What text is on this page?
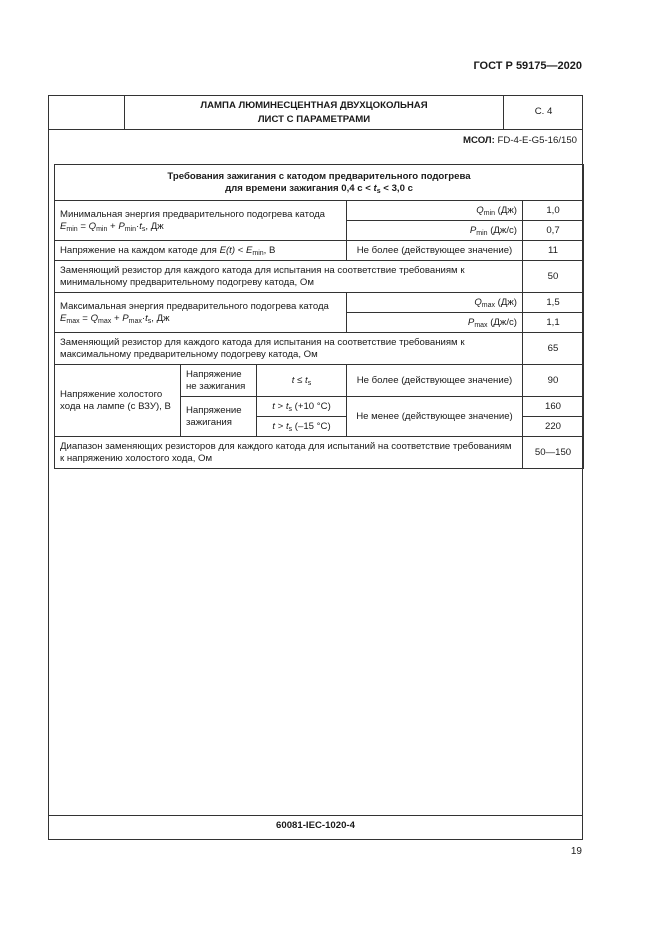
ГОСТ Р 59175—2020
ЛАМПА ЛЮМИНЕСЦЕНТНАЯ ДВУХЦОКОЛЬНАЯ
ЛИСТ С ПАРАМЕТРАМИ
С. 4
МСОЛ: FD-4-E-G5-16/150
Требования зажигания с катодом предварительного подогрева
для времени зажигания 0,4 $с < t_s < 3,0$ с				

Минимальная энергия предварительного подогрева катода
$E_{min} = Q_{min} + P_{min}\cdot t_s$, Дж			$Q_{min}$ (Дж)	1,0
			$P_{min}$ (Дж/с)	0,7
Напряжение на каждом катоде для $E(t) < E_{min}$, В			Не более (действующее значение)	11
Заменяющий резистор для каждого катода для испытания на соответствие требованиям к минимальному предварительному подогреву катода, Ом				50

Максимальная энергия предварительного подогрева катода
$E_{max} = Q_{max} + P_{max}\cdot t_s$, Дж			$Q_{max}$ (Дж)	1,5
			$P_{max}$ (Дж/с)	1,1
Заменяющий резистор для каждого катода для испытания на соответствие требованиям к максимальному предварительному подогреву катода, Ом				65
Напряжение холостого хода на лампе (с ВЗУ), В	Напряжение не зажигания	$t \le t_s$	Не более (действующее значение)	90
	Напряжение зажигания	$t > t_s$ (+10 °С)	Не менее (действующее значение)	160
		$t > t_s$ (–15 °С)		220
Диапазон заменяющих резисторов для каждого катода для испытаний на соответствие требованиям к напряжению холостого хода, Ом				50—150
60081-IEC-1020-4
19
